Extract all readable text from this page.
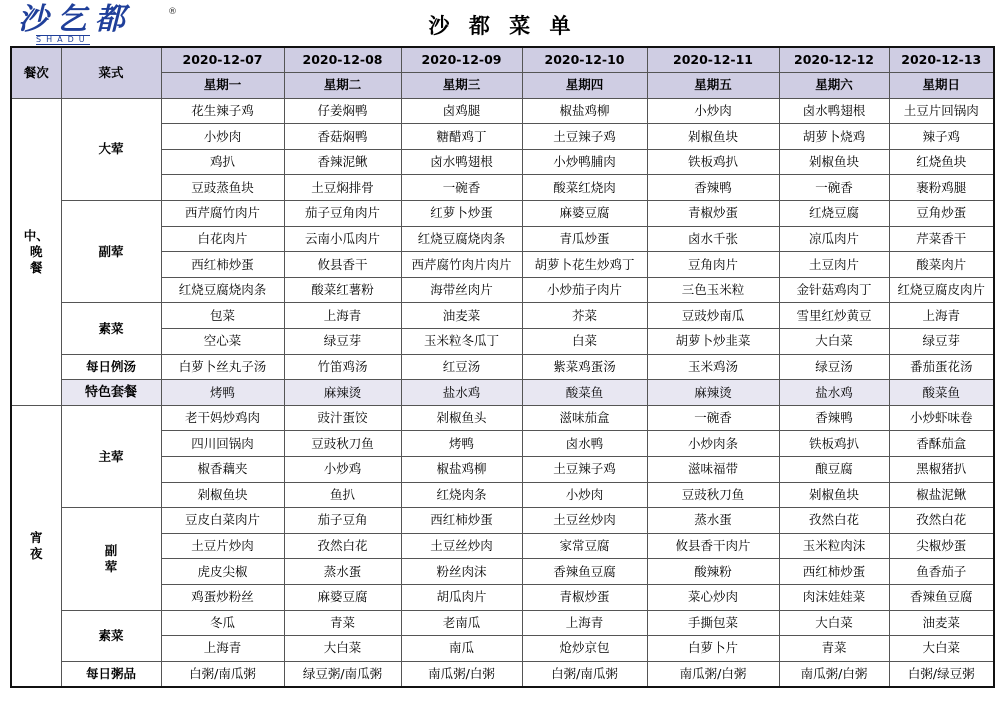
沙 乞 都
SHADU
®
沙 都 菜 单
餐次	菜式	2020-12-07	2020-12-08	2020-12-09	2020-12-10	2020-12-11	2020-12-12	2020-12-13
		星期一	星期二	星期三	星期四	星期五	星期六	星期日
中、
晚
餐	大荤	花生辣子鸡	仔姜焖鸭	卤鸡腿	椒盐鸡柳	小炒肉	卤水鸭翅根	土豆片回锅肉
		小炒肉	香菇焖鸭	糖醋鸡丁	土豆辣子鸡	剁椒鱼块	胡萝卜烧鸡	辣子鸡
		鸡扒	香辣泥鳅	卤水鸭翅根	小炒鸭脯肉	铁板鸡扒	剁椒鱼块	红烧鱼块
		豆豉蒸鱼块	土豆焖排骨	一碗香	酸菜红烧肉	香辣鸭	一碗香	裹粉鸡腿
	副荤	西芹腐竹肉片	茄子豆角肉片	红萝卜炒蛋	麻婆豆腐	青椒炒蛋	红烧豆腐	豆角炒蛋
		白花肉片	云南小瓜肉片	红烧豆腐烧肉条	青瓜炒蛋	卤水千张	凉瓜肉片	芹菜香干
		西红柿炒蛋	攸县香干	西芹腐竹肉片肉片	胡萝卜花生炒鸡丁	豆角肉片	土豆肉片	酸菜肉片
		红烧豆腐烧肉条	酸菜红薯粉	海带丝肉片	小炒茄子肉片	三色玉米粒	金针菇鸡肉丁	红烧豆腐皮肉片
	素菜	包菜	上海青	油麦菜	芥菜	豆豉炒南瓜	雪里红炒黄豆	上海青
		空心菜	绿豆芽	玉米粒冬瓜丁	白菜	胡萝卜炒韭菜	大白菜	绿豆芽
	每日例汤	白萝卜丝丸子汤	竹笛鸡汤	红豆汤	紫菜鸡蛋汤	玉米鸡汤	绿豆汤	番茄蛋花汤
	特色套餐	烤鸭	麻辣烫	盐水鸡	酸菜鱼	麻辣烫	盐水鸡	酸菜鱼
宵
夜	主荤	老干妈炒鸡肉	豉汁蛋饺	剁椒鱼头	滋味茄盒	一碗香	香辣鸭	小炒虾味卷
		四川回锅肉	豆豉秋刀鱼	烤鸭	卤水鸭	小炒肉条	铁板鸡扒	香酥茄盒
		椒香藕夹	小炒鸡	椒盐鸡柳	土豆辣子鸡	滋味福带	酿豆腐	黑椒猪扒
		剁椒鱼块	鱼扒	红烧肉条	小炒肉	豆豉秋刀鱼	剁椒鱼块	椒盐泥鳅
	副
荤	豆皮白菜肉片	茄子豆角	西红柿炒蛋	土豆丝炒肉	蒸水蛋	孜然白花	孜然白花
		土豆片炒肉	孜然白花	土豆丝炒肉	家常豆腐	攸县香干肉片	玉米粒肉沫	尖椒炒蛋
		虎皮尖椒	蒸水蛋	粉丝肉沫	香辣鱼豆腐	酸辣粉	西红柿炒蛋	鱼香茄子
		鸡蛋炒粉丝	麻婆豆腐	胡瓜肉片	青椒炒蛋	菜心炒肉	肉沫娃娃菜	香辣鱼豆腐
	素菜	冬瓜	青菜	老南瓜	上海青	手撕包菜	大白菜	油麦菜
		上海青	大白菜	南瓜	炝炒京包	白萝卜片	青菜	大白菜
	每日粥品	白粥/南瓜粥	绿豆粥/南瓜粥	南瓜粥/白粥	白粥/南瓜粥	南瓜粥/白粥	南瓜粥/白粥	白粥/绿豆粥
